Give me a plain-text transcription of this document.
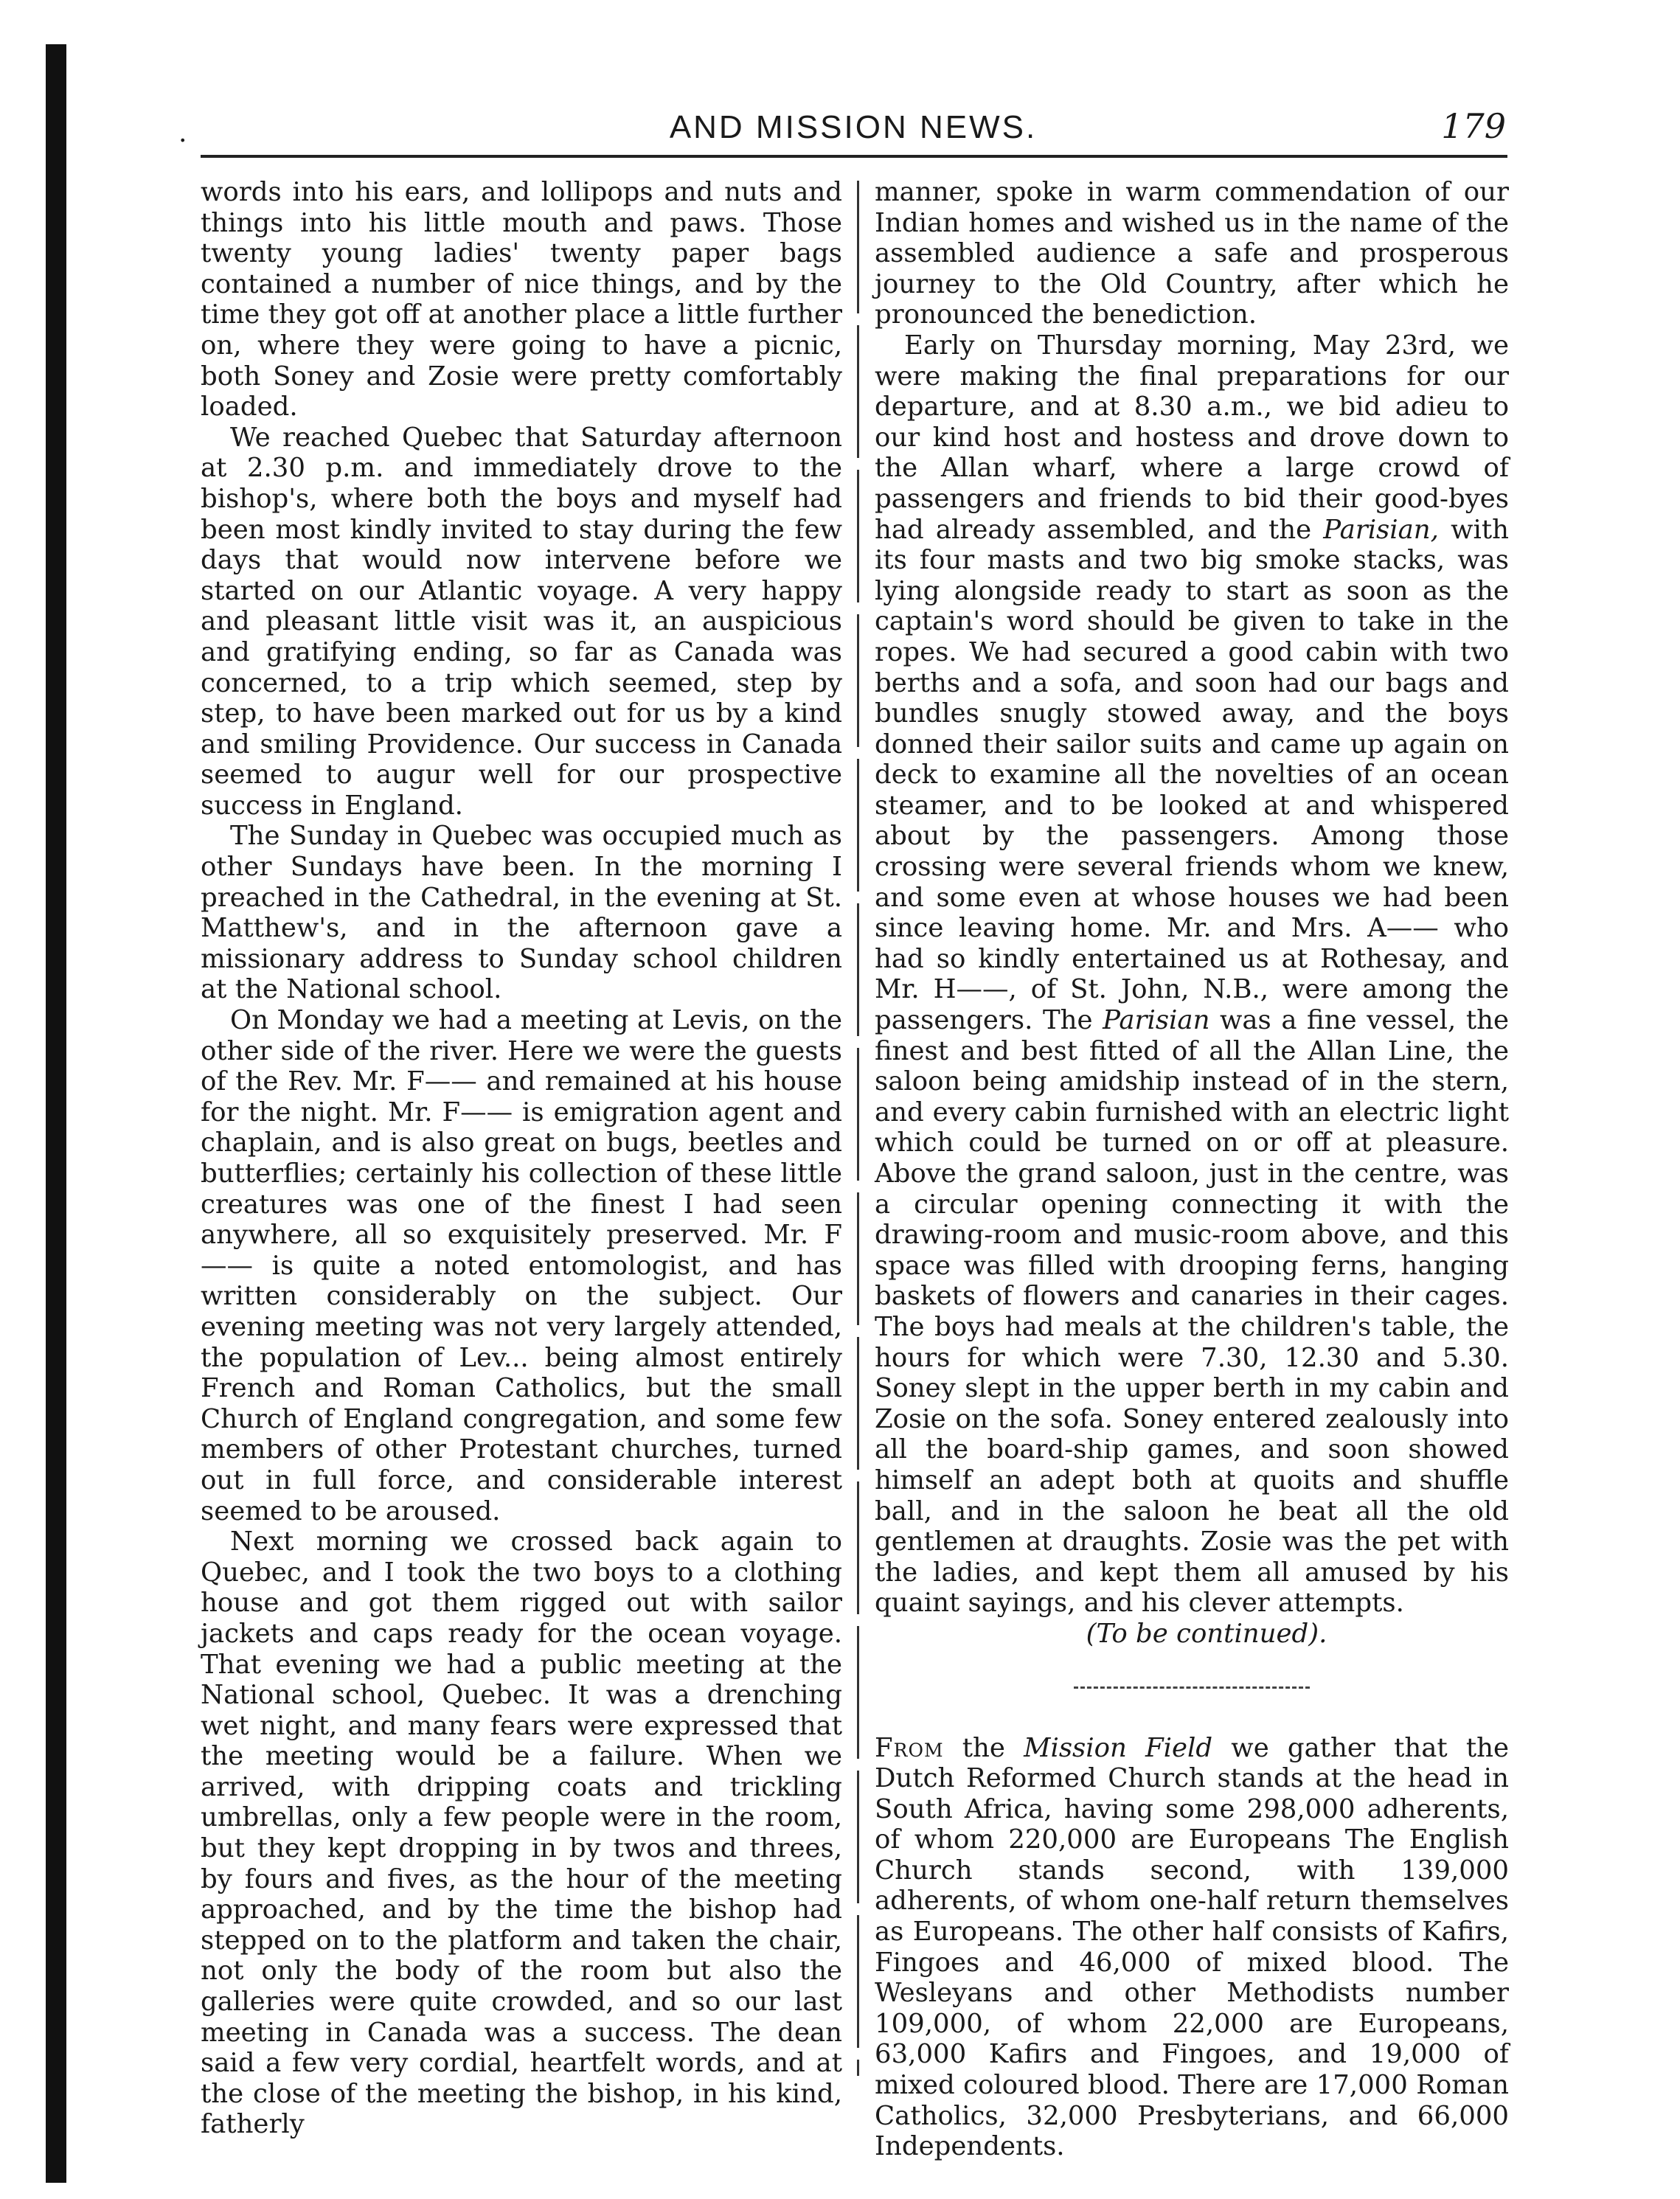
.	AND MISSION NEWS.	179

words into his ears, and lollipops and nuts and things into his little mouth and paws. Those twenty young ladies' twenty paper bags contained a number of nice things, and by the time they got off at another place a little further on, where they were going to have a picnic, both Soney and Zosie were pretty comfortably loaded.

We reached Quebec that Saturday afternoon at 2.30 p.m. and immediately drove to the bishop's, where both the boys and myself had been most kindly invited to stay during the few days that would now intervene before we started on our Atlantic voyage. A very happy and pleasant little visit was it, an auspicious and gratifying ending, so far as Canada was concerned, to a trip which seemed, step by step, to have been marked out for us by a kind and smiling Providence. Our success in Canada seemed to augur well for our prospective success in England.

The Sunday in Quebec was occupied much as other Sundays have been. In the morning I preached in the Cathedral, in the evening at St. Matthew's, and in the afternoon gave a missionary address to Sunday school children at the National school.

On Monday we had a meeting at Levis, on the other side of the river. Here we were the guests of the Rev. Mr. F—— and remained at his house for the night. Mr. F—— is emigration agent and chaplain, and is also great on bugs, beetles and butterflies; certainly his collection of these little creatures was one of the finest I had seen anywhere, all so exquisitely preserved. Mr. F—— is quite a noted entomologist, and has written considerably on the subject. Our evening meeting was not very largely attended, the population of Lev... being almost entirely French and Roman Catholics, but the small Church of England congregation, and some few members of other Protestant churches, turned out in full force, and considerable interest seemed to be aroused.

Next morning we crossed back again to Quebec, and I took the two boys to a clothing house and got them rigged out with sailor jackets and caps ready for the ocean voyage. That evening we had a public meeting at the National school, Quebec. It was a drenching wet night, and many fears were expressed that the meeting would be a failure. When we arrived, with dripping coats and trickling umbrellas, only a few people were in the room, but they kept dropping in by twos and threes, by fours and fives, as the hour of the meeting approached, and by the time the bishop had stepped on to the platform and taken the chair, not only the body of the room but also the galleries were quite crowded, and so our last meeting in Canada was a success. The dean said a few very cordial, heartfelt words, and at the close of the meeting the bishop, in his kind, fatherly

manner, spoke in warm commendation of our Indian homes and wished us in the name of the assembled audience a safe and prosperous journey to the Old Country, after which he pronounced the benediction.

Early on Thursday morning, May 23rd, we were making the final preparations for our departure, and at 8.30 a.m., we bid adieu to our kind host and hostess and drove down to the Allan wharf, where a large crowd of passengers and friends to bid their good-byes had already assembled, and the Parisian, with its four masts and two big smoke stacks, was lying alongside ready to start as soon as the captain's word should be given to take in the ropes. We had secured a good cabin with two berths and a sofa, and soon had our bags and bundles snugly stowed away, and the boys donned their sailor suits and came up again on deck to examine all the novelties of an ocean steamer, and to be looked at and whispered about by the passengers. Among those crossing were several friends whom we knew, and some even at whose houses we had been since leaving home. Mr. and Mrs. A—— who had so kindly entertained us at Rothesay, and Mr. H——, of St. John, N.B., were among the passengers. The Parisian was a fine vessel, the finest and best fitted of all the Allan Line, the saloon being amidship instead of in the stern, and every cabin furnished with an electric light which could be turned on or off at pleasure. Above the grand saloon, just in the centre, was a circular opening connecting it with the drawing-room and music-room above, and this space was filled with drooping ferns, hanging baskets of flowers and canaries in their cages. The boys had meals at the children's table, the hours for which were 7.30, 12.30 and 5.30. Soney slept in the upper berth in my cabin and Zosie on the sofa. Soney entered zealously into all the board-ship games, and soon showed himself an adept both at quoits and shuffle ball, and in the saloon he beat all the old gentlemen at draughts. Zosie was the pet with the ladies, and kept them all amused by his quaint sayings, and his clever attempts.

(To be continued).

From the Mission Field we gather that the Dutch Reformed Church stands at the head in South Africa, having some 298,000 adherents, of whom 220,000 are Europeans The English Church stands second, with 139,000 adherents, of whom one-half return themselves as Europeans. The other half consists of Kafirs, Fingoes and 46,000 of mixed blood. The Wesleyans and other Methodists number 109,000, of whom 22,000 are Europeans, 63,000 Kafirs and Fingoes, and 19,000 of mixed coloured blood. There are 17,000 Roman Catholics, 32,000 Presbyterians, and 66,000 Independents.
